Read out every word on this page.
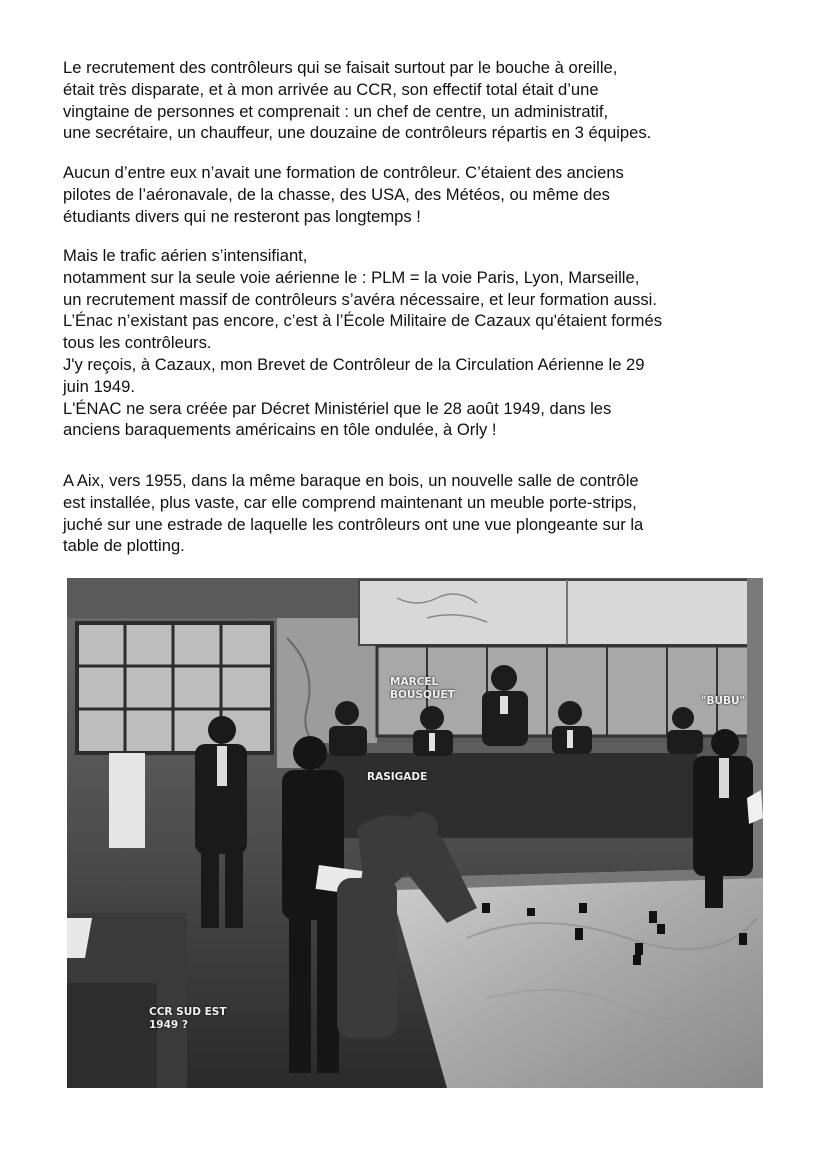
Le recrutement des contrôleurs qui se faisait surtout par le bouche à oreille,
était très disparate, et à mon arrivée au CCR, son effectif total était d’une
vingtaine de personnes et comprenait : un chef de centre, un administratif,
une secrétaire, un chauffeur, une douzaine de contrôleurs répartis en 3 équipes.
Aucun d’entre eux n’avait une formation de contrôleur. C’étaient des anciens
pilotes de l’aéronavale, de la chasse, des USA, des Météos, ou même des
étudiants divers qui ne resteront pas longtemps !
Mais le trafic aérien s’intensifiant,
notamment sur la seule voie aérienne le : PLM = la voie Paris, Lyon, Marseille,
un recrutement massif de contrôleurs s’avéra nécessaire, et leur formation aussi.
L’Énac n’existant pas encore, c’est à l’École Militaire de Cazaux qu'étaient formés
tous les contrôleurs.
J'y reçois, à Cazaux, mon Brevet de Contrôleur de la Circulation Aérienne le 29
juin 1949.
L'ÉNAC ne sera créée par Décret Ministériel que le 28 août 1949, dans les
anciens baraquements américains en tôle ondulée, à Orly !
A Aix, vers 1955, dans la même baraque en bois, un nouvelle salle de contrôle
est installée, plus vaste, car elle comprend maintenant un meuble porte-strips,
juché sur une estrade de laquelle les contrôleurs ont une vue plongeante sur la
table de plotting.
MARCEL
BOUSQUET	"BUBU"
RASIGADE
CCR SUD EST
1949 ?
